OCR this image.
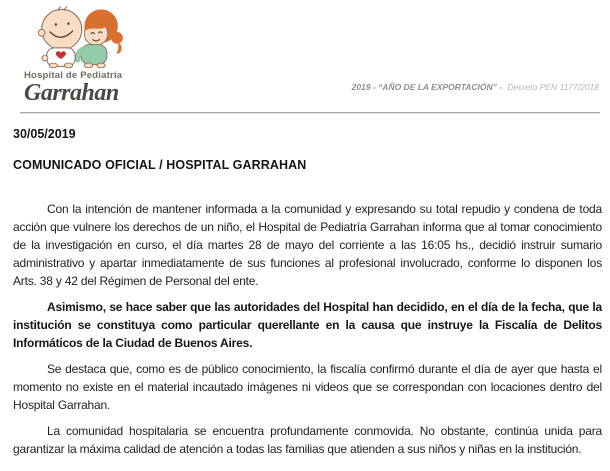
Hospital de Pediatría
Garrahan	2019 - “AÑO DE LA EXPORTACIÓN” - Decreto PEN 1177/2018
30/05/2019
COMUNICADO OFICIAL / HOSPITAL GARRAHAN

Con la intención de mantener informada a la comunidad y expresando su total repudio y condena de toda acción que vulnere los derechos de un niño, el Hospital de Pediatría Garrahan informa que al tomar conocimiento de la investigación en curso, el día martes 28 de mayo del corriente a las 16:05 hs., decidió instruir sumario administrativo y apartar inmediatamente de sus funciones al profesional involucrado, conforme lo disponen los Arts. 38 y 42 del Régimen de Personal del ente.

Asimismo, se hace saber que las autoridades del Hospital han decidido, en el día de la fecha, que la institución se constituya como particular querellante en la causa que instruye la Fiscalía de Delitos Informáticos de la Ciudad de Buenos Aires.

Se destaca que, como es de público conocimiento, la fiscalía confirmó durante el día de ayer que hasta el momento no existe en el material incautado imágenes ni videos que se correspondan con locaciones dentro del Hospital Garrahan.

La comunidad hospitalaria se encuentra profundamente conmovida. No obstante, continúa unida para garantizar la máxima calidad de atención a todas las familias que atienden a sus niños y niñas en la institución.
